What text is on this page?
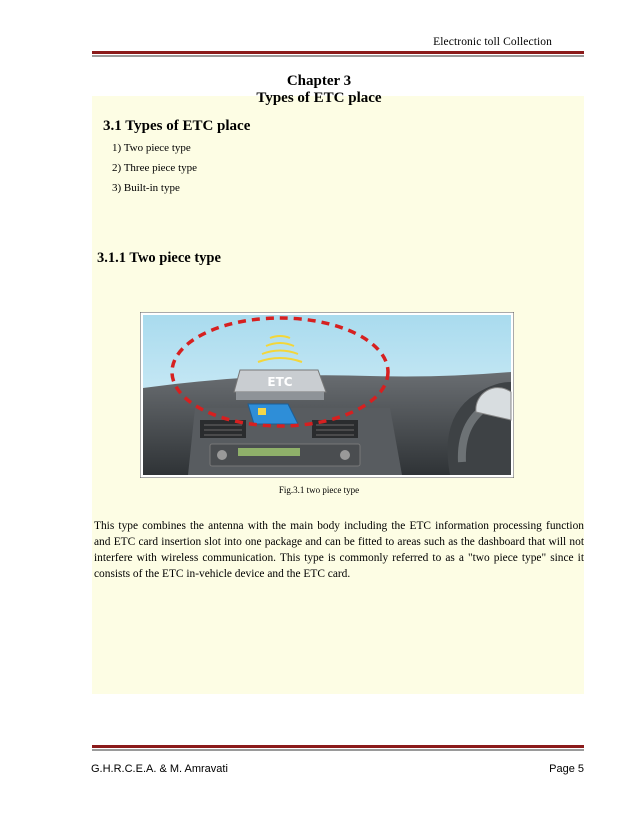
Electronic toll Collection
Chapter 3
Types of ETC place
3.1 Types of ETC place
1) Two piece type
2) Three piece type
3) Built-in type
3.1.1 Two piece type
ETC
Fig.3.1 two piece type
This type combines the antenna with the main body including the ETC information processing function and ETC card insertion slot into one package and can be fitted to areas such as the dashboard that will not interfere with wireless communication. This type is commonly referred to as a "two piece type" since it consists of the ETC in-vehicle device and the ETC card.
G.H.R.C.E.A. & M. Amravati	Page 5
